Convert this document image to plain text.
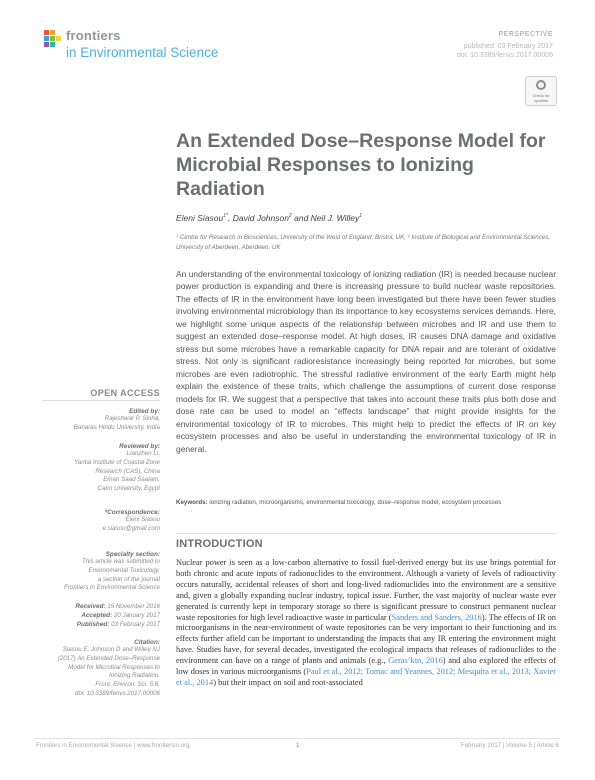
frontiers
in Environmental Science
PERSPECTIVE
published: 03 February 2017
doi: 10.3389/fenvs.2017.00006
Check for
updates
An Extended Dose–Response Model for Microbial Responses to Ionizing Radiation
Eleni Siasou$^{1*}$, David Johnson$^2$ and Neil J. Willey$^1$
¹ Centre for Research in Biosciences, University of the West of England, Bristol, UK, ² Institute of Biological and Environmental Sciences, University of Aberdeen, Aberdeen, UK
An understanding of the environmental toxicology of ionizing radiation (IR) is needed because nuclear power production is expanding and there is increasing pressure to build nuclear waste repositories. The effects of IR in the environment have long been investigated but there have been fewer studies involving environmental microbiology than its importance to key ecosystems services demands. Here, we highlight some unique aspects of the relationship between microbes and IR and use them to suggest an extended dose–response model. At high doses, IR causes DNA damage and oxidative stress but some microbes have a remarkable capacity for DNA repair and are tolerant of oxidative stress. Not only is significant radioresistance increasingly being reported for microbes, but some microbes are even radiotrophic. The stressful radiative environment of the early Earth might help explain the existence of these traits, which challenge the assumptions of current dose response models for IR. We suggest that a perspective that takes into account these traits plus both dose and dose rate can be used to model an “effects landscape” that might provide insights for the environmental toxicology of IR to microbes. This might help to predict the effects of IR on key ecosystem processes and also be useful in understanding the environmental toxicology of IR in general.
Keywords: ionizing radiation, microorganisms, environmental toxicology, dose–response model, ecosystem processes
INTRODUCTION
Nuclear power is seen as a low-carbon alternative to fossil fuel-derived energy but its use brings potential for both chronic and acute inputs of radionuclides to the environment. Although a variety of levels of radioactivity occurs naturally, accidental releases of short and long-lived radionuclides into the environment are a sensitive and, given a globally expanding nuclear industry, topical issue. Further, the vast majority of nuclear waste ever generated is currently kept in temporary storage so there is significant pressure to construct permanent nuclear waste repositories for high level radioactive waste in particular (Sanders and Sanders, 2016). The effects of IR on microorganisms in the near-environment of waste repositories can be very important to their functioning and its effects further afield can be important to understanding the impacts that any IR entering the environment might have. Studies have, for several decades, investigated the ecological impacts that releases of radionuclides to the environment can have on a range of plants and animals (e.g., Geras’kin, 2016) and also explored the effects of low doses in various microorganisms (Paul et al., 2012; Tomac and Yeannes, 2012; Mesquita et al., 2013; Xavier et al., 2014) but their impact on soil and root-associated
OPEN ACCESS
Edited by:
Rajeshwar P. Sinha,
Banaras Hindu University, India
Reviewed by:
Lianzhen Li,
Yantai Institute of Coastal Zone
Research (CAS), China
Eman Saad Saalam,
Cairo University, Egypt
*Correspondence:
Eleni Siasou
e.siasou@gmail.com
Specialty section:
This article was submitted to
Environmental Toxicology,
a section of the journal
Frontiers in Environmental Science
Received: 15 November 2016
Accepted: 20 January 2017
Published: 03 February 2017
Citation:
Siasou E, Johnson D and Willey NJ
(2017) An Extended Dose–Response
Model for Microbial Responses to
Ionizing Radiation.
Front. Environ. Sci. 5:6.
doi: 10.3389/fenvs.2017.00006
Frontiers in Environmental Science | www.frontiersin.org	1	February 2017 | Volume 5 | Article 6
